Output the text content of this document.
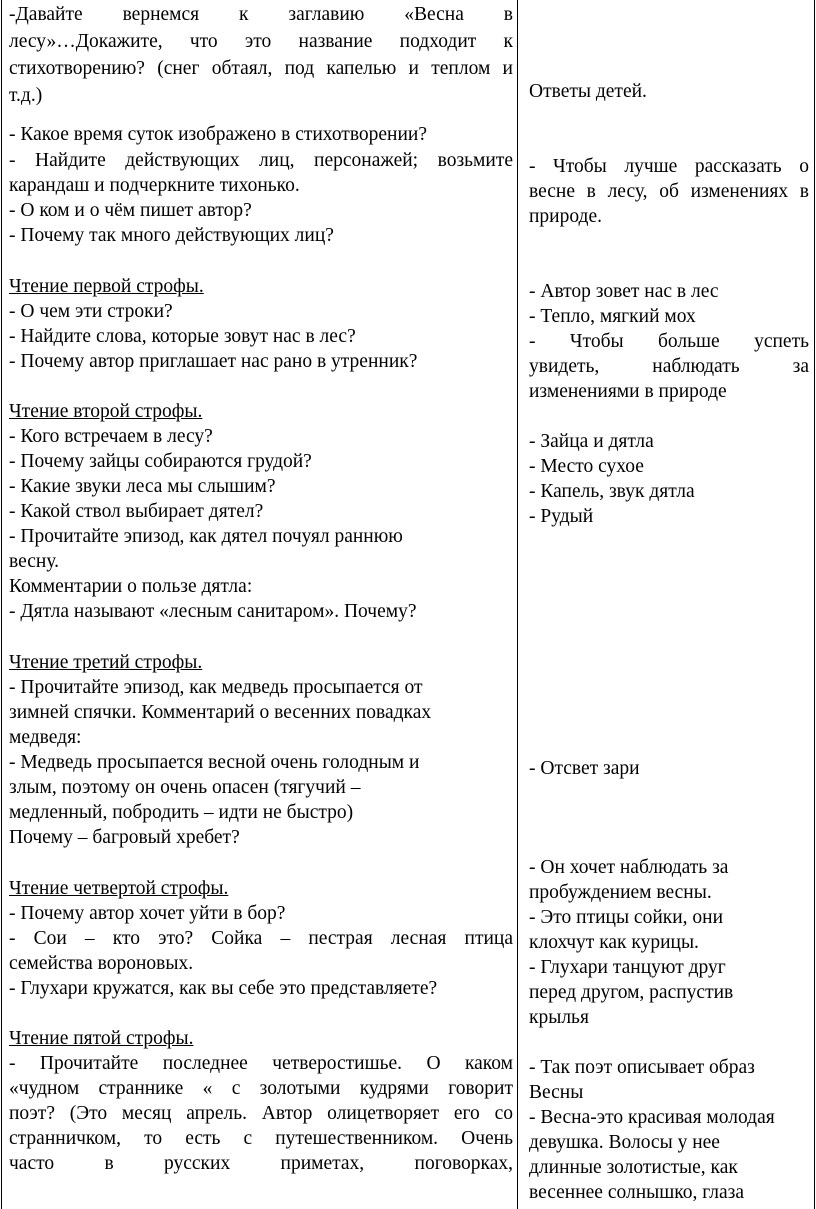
-Давайте вернемся к заглавию «Весна в
лесу»…Докажите, что это название подходит к
стихотворению? (снег обтаял, под капелью и теплом и
т.д.)
- Какое время суток изображено в стихотворении?
- Найдите действующих лиц, персонажей; возьмите
карандаш и подчеркните тихонько.
- О ком и о чём пишет автор?
- Почему так много действующих лиц?
Чтение первой строфы.
- О чем эти строки?
- Найдите слова, которые зовут нас в лес?
- Почему автор приглашает нас рано в утренник?
Чтение второй строфы.
- Кого встречаем в лесу?
- Почему зайцы собираются грудой?
- Какие звуки леса мы слышим?
- Какой ствол выбирает дятел?
- Прочитайте эпизод, как дятел почуял раннюю
весну.
Комментарии о пользе дятла:
- Дятла называют «лесным санитаром». Почему?
Чтение третий строфы.
- Прочитайте эпизод, как медведь просыпается от
зимней спячки. Комментарий о весенних повадках
медведя:
- Медведь просыпается весной очень голодным и
злым, поэтому он очень опасен (тягучий –
медленный, побродить – идти не быстро)
Почему – багровый хребет?
Чтение четвертой строфы.
- Почему автор хочет уйти в бор?
- Сои – кто это? Сойка – пестрая лесная птица
семейства вороновых.
- Глухари кружатся, как вы себе это представляете?
Чтение пятой строфы.
- Прочитайте последнее четверостишье. О каком
«чудном страннике « с золотыми кудрями говорит
поэт? (Это месяц апрель. Автор олицетворяет его со
странничком, то есть с путешественником. Очень
часто в русских приметах, поговорках,
Ответы детей.
- Чтобы лучше рассказать о
весне в лесу, об изменениях в
природе.
- Автор зовет нас в лес
- Тепло, мягкий мох
- Чтобы больше успеть
увидеть, наблюдать за
изменениями в природе
- Зайца и дятла
- Место сухое
- Капель, звук дятла
- Рудый
- Отсвет зари
- Он хочет наблюдать за
пробуждением весны.
- Это птицы сойки, они
клохчут как курицы.
- Глухари танцуют друг
перед другом, распустив
крылья
- Так поэт описывает образ
Весны
- Весна-это красивая молодая
девушка. Волосы у нее
длинные золотистые, как
весеннее солнышко, глаза
